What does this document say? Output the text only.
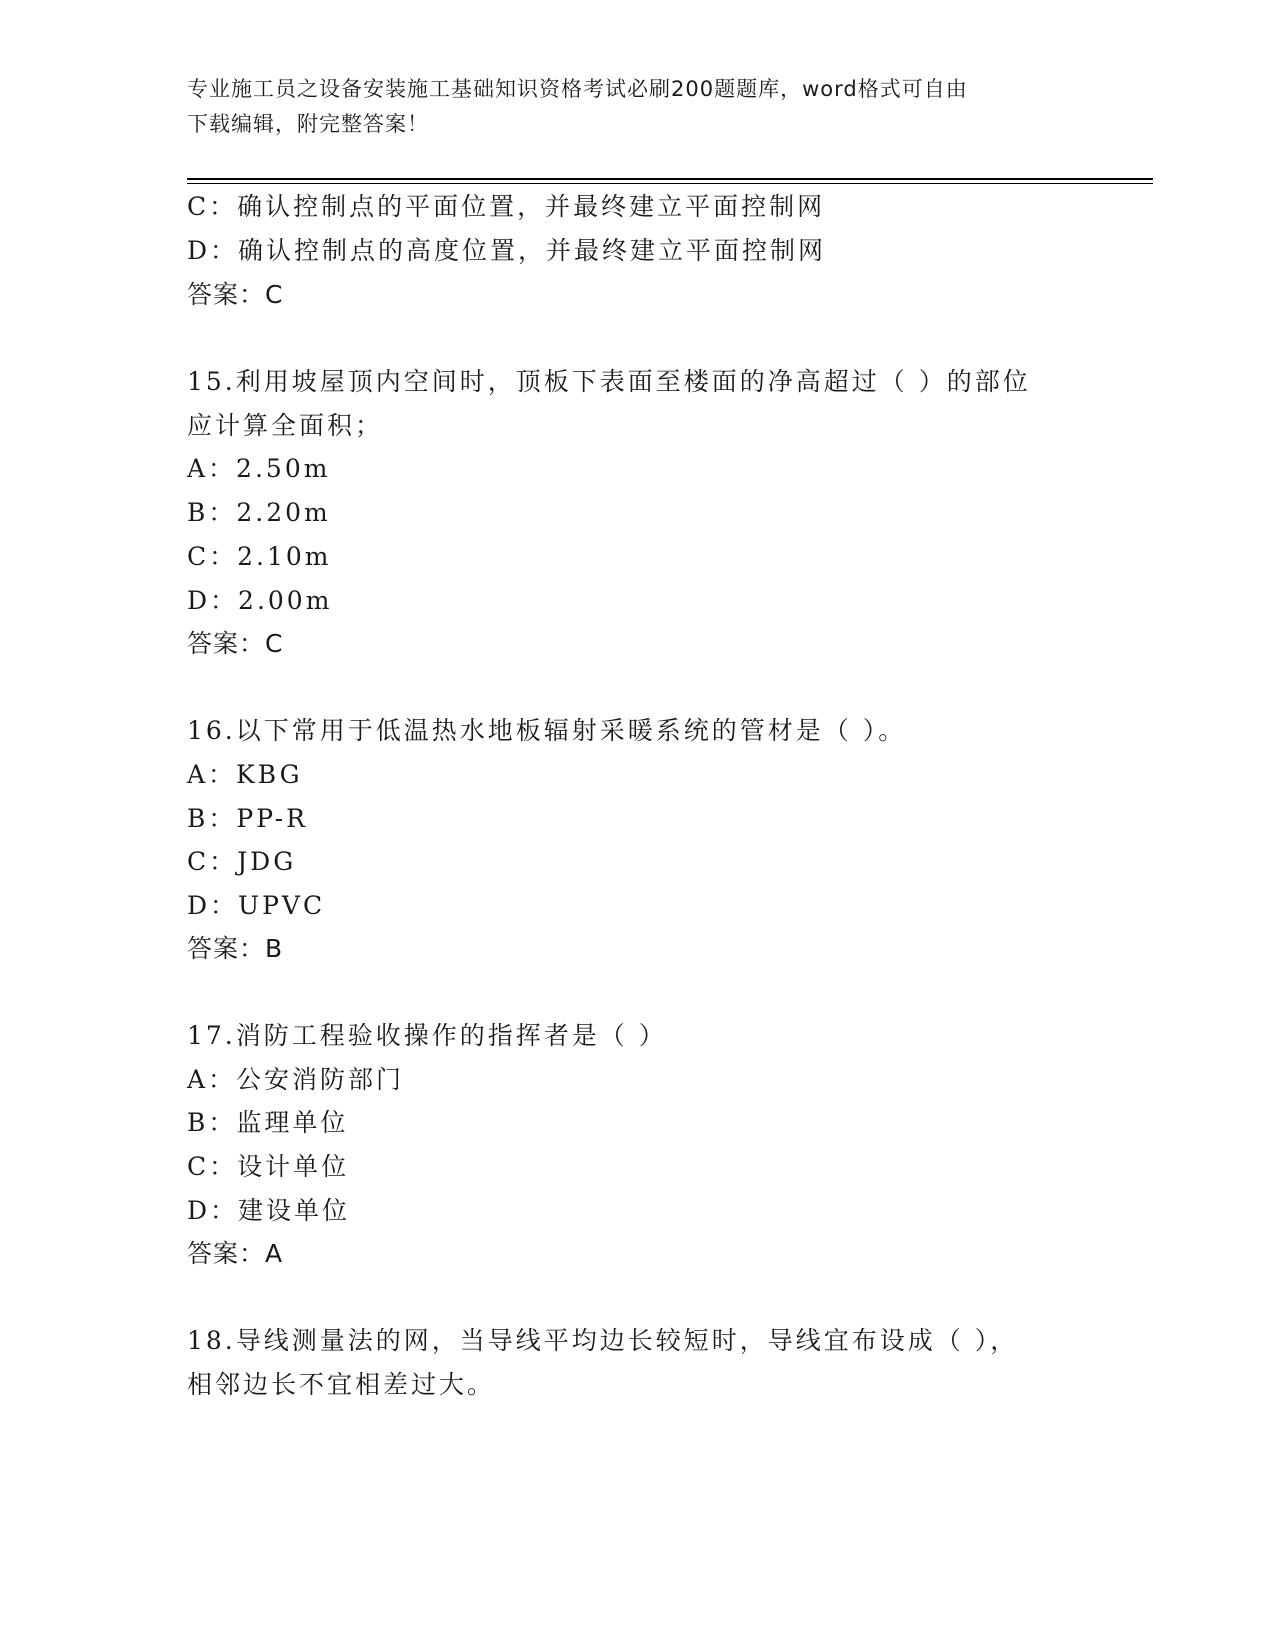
专业施工员之设备安装施工基础知识资格考试必刷200题题库，word格式可自由
下载编辑，附完整答案！
C：确认控制点的平面位置，并最终建立平面控制网
D：确认控制点的高度位置，并最终建立平面控制网
答案：C
15.利用坡屋顶内空间时，顶板下表面至楼面的净高超过（ ）的部位
应计算全面积；
A：2.50m
B：2.20m
C：2.10m
D：2.00m
答案：C
16.以下常用于低温热水地板辐射采暖系统的管材是（ ）。
A：KBG
B：PP-R
C：JDG
D：UPVC
答案：B
17.消防工程验收操作的指挥者是（ ）
A：公安消防部门
B：监理单位
C：设计单位
D：建设单位
答案：A
18.导线测量法的网，当导线平均边长较短时，导线宜布设成（ ），
相邻边长不宜相差过大。
